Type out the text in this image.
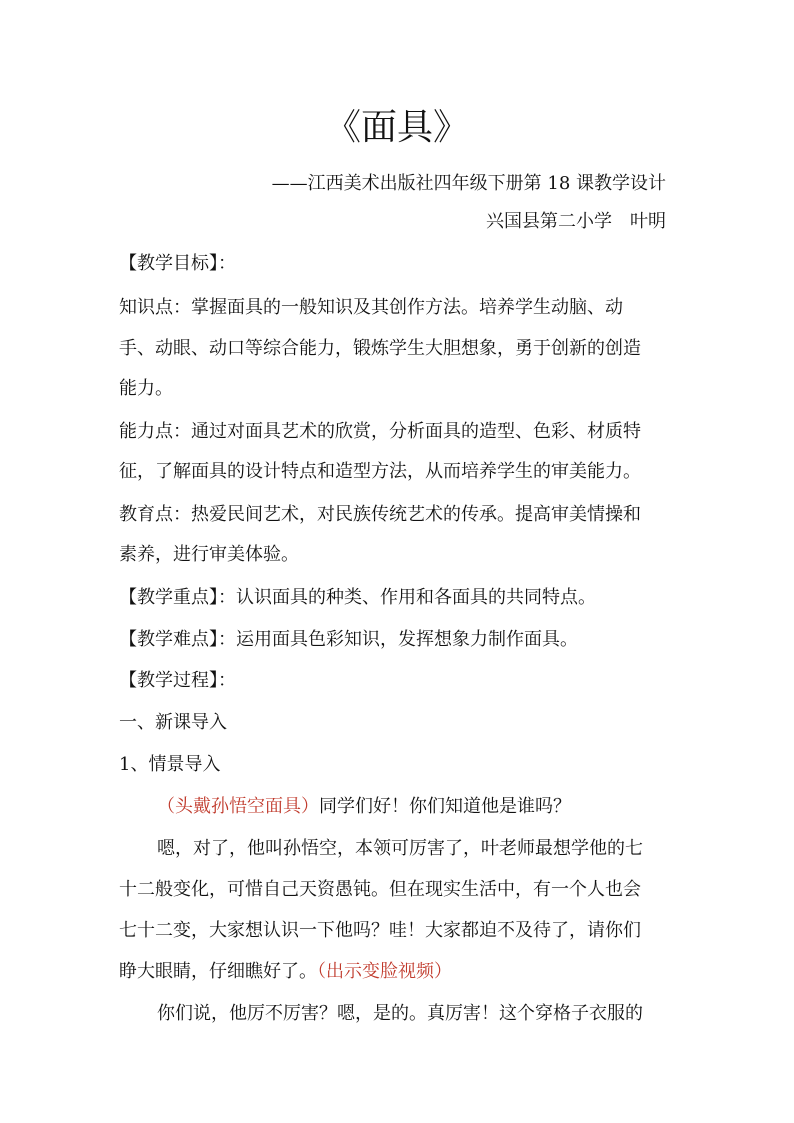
《面具》
——江西美术出版社四年级下册第 18 课教学设计
兴国县第二小学　叶明
【教学目标】：
知识点：掌握面具的一般知识及其创作方法。培养学生动脑、动
手、动眼、动口等综合能力，锻炼学生大胆想象，勇于创新的创造
能力。
能力点：通过对面具艺术的欣赏，分析面具的造型、色彩、材质特
征，了解面具的设计特点和造型方法，从而培养学生的审美能力。
教育点：热爱民间艺术，对民族传统艺术的传承。提高审美情操和
素养，进行审美体验。
【教学重点】：认识面具的种类、作用和各面具的共同特点。
【教学难点】：运用面具色彩知识，发挥想象力制作面具。
【教学过程】：
一、新课导入
1、情景导入
（头戴孙悟空面具）同学们好！你们知道他是谁吗？
嗯，对了，他叫孙悟空，本领可厉害了，叶老师最想学他的七
十二般变化，可惜自己天资愚钝。但在现实生活中，有一个人也会
七十二变，大家想认识一下他吗？哇！大家都迫不及待了，请你们
睁大眼睛，仔细瞧好了。（出示变脸视频）
你们说，他厉不厉害？嗯，是的。真厉害！这个穿格子衣服的
